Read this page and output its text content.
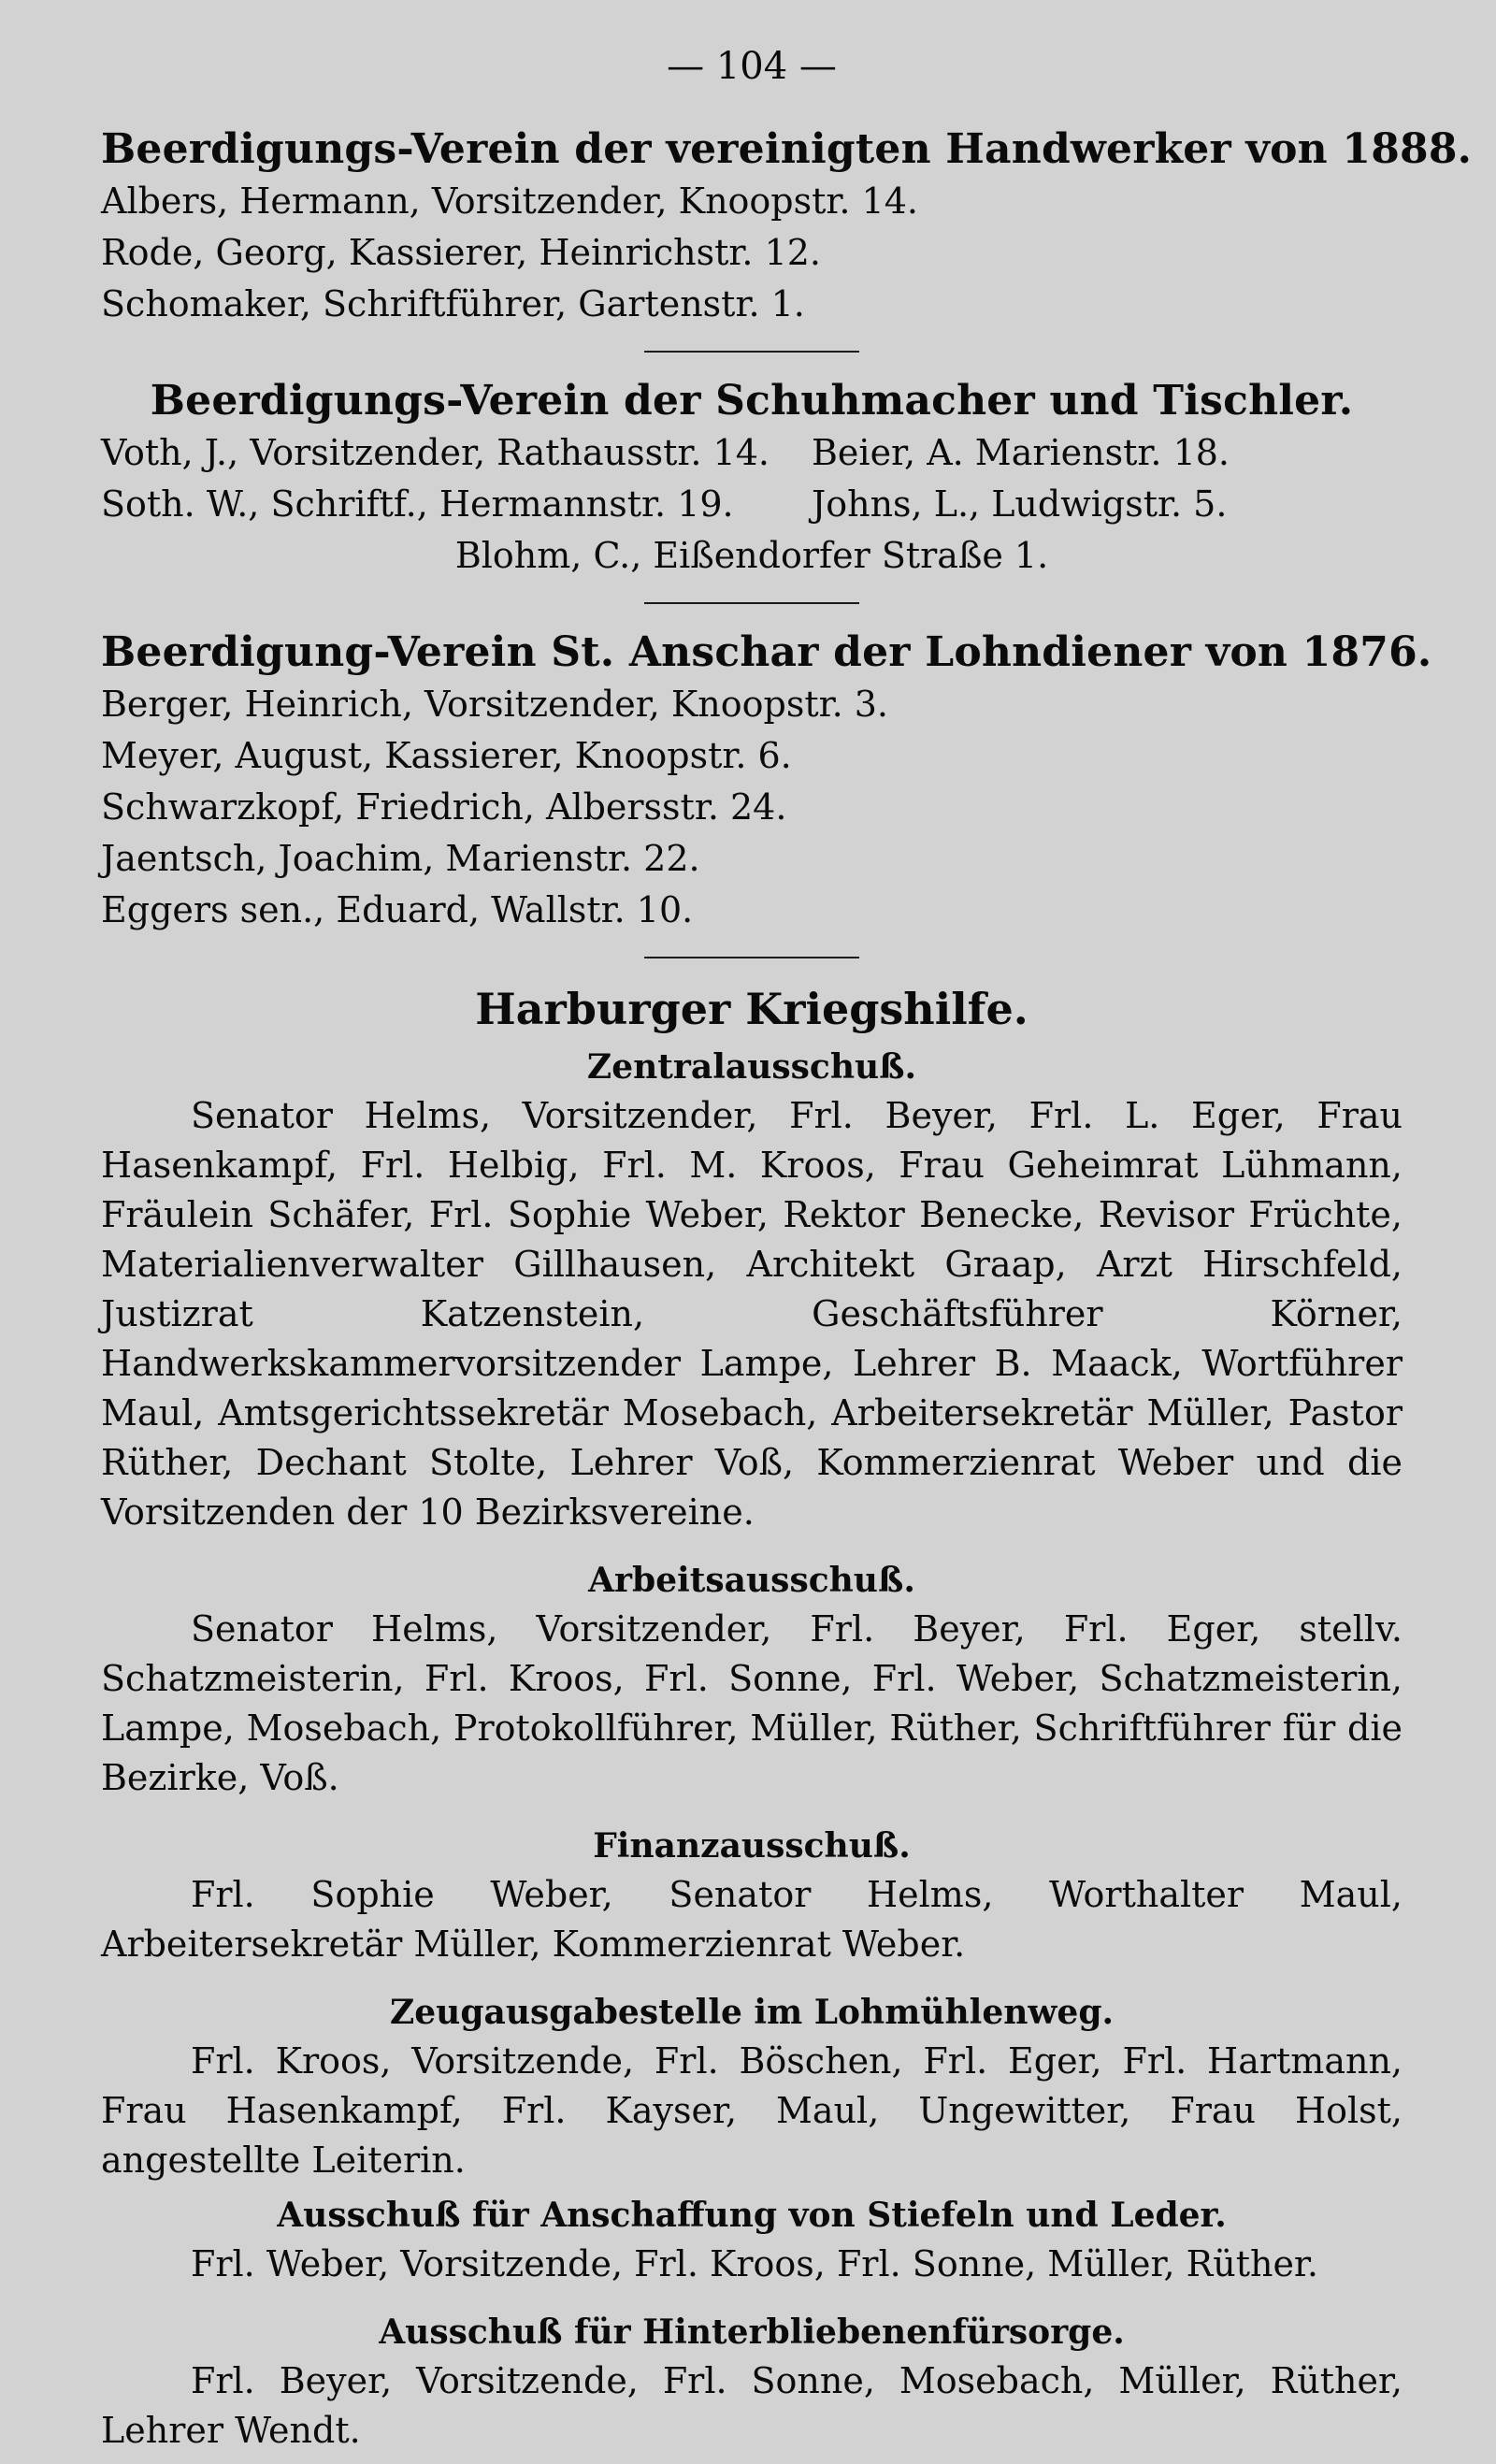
— 104 —
Beerdigungs-Verein der vereinigten Handwerker von 1888.
Albers, Hermann, Vorsitzender, Knoopstr. 14.
Rode, Georg, Kassierer, Heinrichstr. 12.
Schomaker, Schriftführer, Gartenstr. 1.
Beerdigungs-Verein der Schuhmacher und Tischler.
Voth, J., Vorsitzender, Rathausstr. 14.	Beier, A. Marienstr. 18.
Soth. W., Schriftf., Hermannstr. 19.	Johns, L., Ludwigstr. 5.
Blohm, C., Eißendorfer Straße 1.
Beerdigung-Verein St. Anschar der Lohndiener von 1876.
Berger, Heinrich, Vorsitzender, Knoopstr. 3.
Meyer, August, Kassierer, Knoopstr. 6.
Schwarzkopf, Friedrich, Albersstr. 24.
Jaentsch, Joachim, Marienstr. 22.
Eggers sen., Eduard, Wallstr. 10.
Harburger Kriegshilfe.
Zentralausschuß.

Senator Helms, Vorsitzender, Frl. Beyer, Frl. L. Eger, Frau Hasenkampf, Frl. Helbig, Frl. M. Kroos, Frau Geheimrat Lühmann, Fräulein Schäfer, Frl. Sophie Weber, Rektor Benecke, Revisor Früchte, Materialienverwalter Gillhausen, Architekt Graap, Arzt Hirschfeld, Justizrat Katzenstein, Geschäftsführer Körner, Handwerkskammervorsitzender Lampe, Lehrer B. Maack, Wortführer Maul, Amtsgerichtssekretär Mosebach, Arbeitersekretär Müller, Pastor Rüther, Dechant Stolte, Lehrer Voß, Kommerzienrat Weber und die Vorsitzenden der 10 Bezirksvereine.

Arbeitsausschuß.

Senator Helms, Vorsitzender, Frl. Beyer, Frl. Eger, stellv. Schatzmeisterin, Frl. Kroos, Frl. Sonne, Frl. Weber, Schatzmeisterin, Lampe, Mosebach, Protokollführer, Müller, Rüther, Schriftführer für die Bezirke, Voß.

Finanzausschuß.

Frl. Sophie Weber, Senator Helms, Worthalter Maul, Arbeitersekretär Müller, Kommerzienrat Weber.

Zeugausgabestelle im Lohmühlenweg.

Frl. Kroos, Vorsitzende, Frl. Böschen, Frl. Eger, Frl. Hartmann, Frau Hasenkampf, Frl. Kayser, Maul, Ungewitter, Frau Holst, angestellte Leiterin.

Ausschuß für Anschaffung von Stiefeln und Leder.

Frl. Weber, Vorsitzende, Frl. Kroos, Frl. Sonne, Müller, Rüther.

Ausschuß für Hinterbliebenenfürsorge.

Frl. Beyer, Vorsitzende, Frl. Sonne, Mosebach, Müller, Rüther, Lehrer Wendt.
